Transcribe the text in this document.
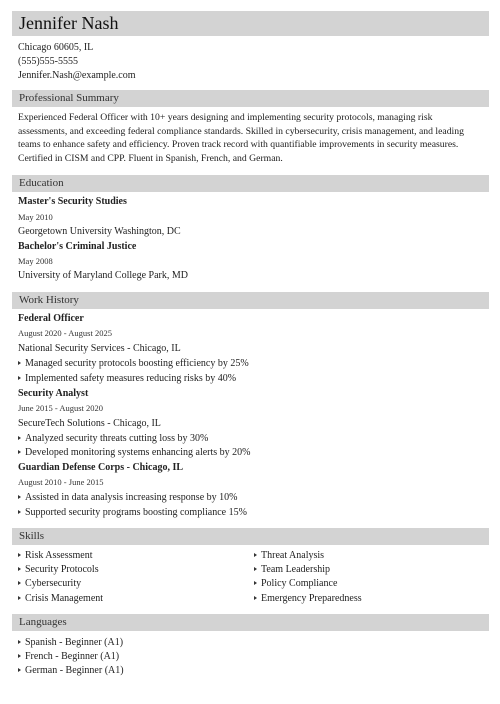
Jennifer Nash
Chicago 60605, IL
(555)555-5555
Jennifer.Nash@example.com
Professional Summary
Experienced Federal Officer with 10+ years designing and implementing security protocols, managing risk assessments, and exceeding federal compliance standards. Skilled in cybersecurity, crisis management, and leading teams to enhance safety and efficiency. Proven track record with quantifiable improvements in security measures. Certified in CISM and CPP. Fluent in Spanish, French, and German.
Education
Master's Security Studies
May 2010
Georgetown University Washington, DC
Bachelor's Criminal Justice
May 2008
University of Maryland College Park, MD
Work History
Federal Officer
August 2020 - August 2025
National Security Services - Chicago, IL
Managed security protocols boosting efficiency by 25%
Implemented safety measures reducing risks by 40%
Security Analyst
June 2015 - August 2020
SecureTech Solutions - Chicago, IL
Analyzed security threats cutting loss by 30%
Developed monitoring systems enhancing alerts by 20%
Guardian Defense Corps - Chicago, IL
August 2010 - June 2015
Assisted in data analysis increasing response by 10%
Supported security programs boosting compliance 15%
Skills
Risk Assessment
Security Protocols
Cybersecurity
Crisis Management
Threat Analysis
Team Leadership
Policy Compliance
Emergency Preparedness
Languages
Spanish - Beginner (A1)
French - Beginner (A1)
German - Beginner (A1)
